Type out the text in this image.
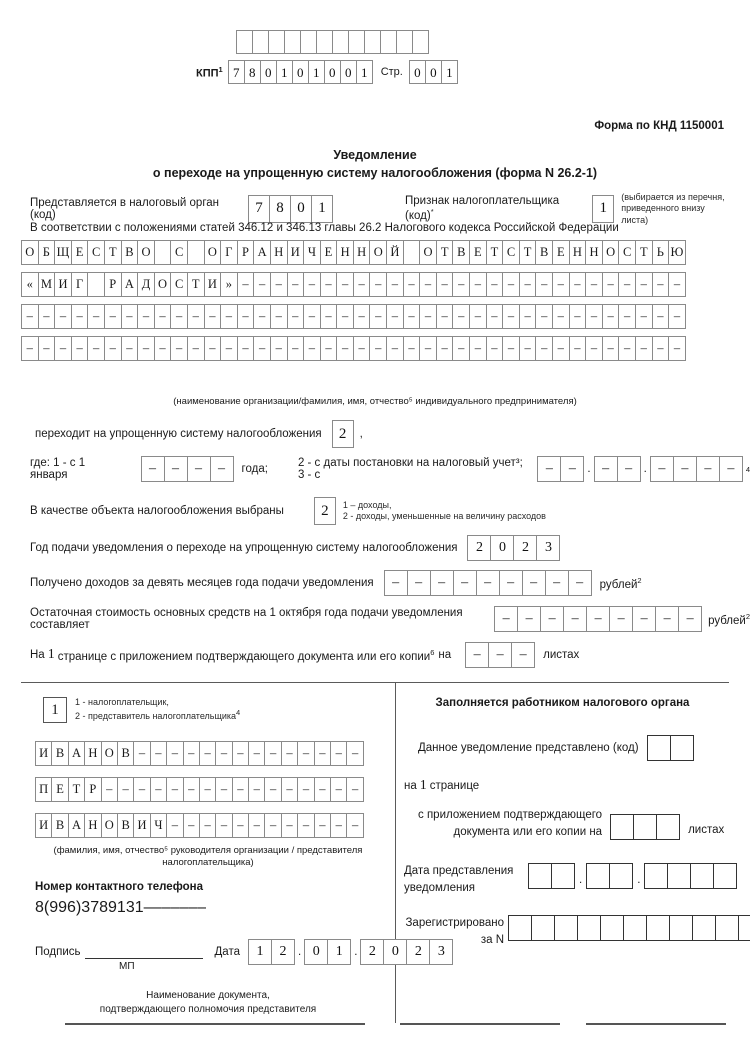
КПП$^1$ 7 8 0 1 0 1 0 0 1	Стр. 0 0 1
Форма по КНД 1150001
Уведомление
о переходе на упрощенную систему налогообложения (форма N 26.2-1)
Представляется в налоговый орган (код)	7 8 0 1	Признак налогоплательщика (код)*	1
(выбирается из перечня,
приведенного внизу листа)
В соответствии с положениями статей 346.12 и 346.13 главы 26.2 Налогового кодекса Российской Федерации
О Б Щ Е С Т В О	С	О Г Р А Н И Ч Е Н Н О Й	О Т В Е Т С Т В Е Н Н О С Т Ь Ю
« М И Г	Р А Д О С Т И » – – – – – – – – – – – – – – – – – – – – – – – – – – –
– – – – – – – – – – – – – – – – – – – – – – – – – – – – – – – – – – – – – – – –
– – – – – – – – – – – – – – – – – – – – – – – – – – – – – – – – – – – – – – – –
(наименование организации/фамилия, имя, отчество⁵ индивидуального предпринимателя)
переходит на упрощенную систему налогообложения	2	,
где: 1 - с 1 января	–	–	–	–	года;	2 - с даты постановки на налоговый учет³; 3 - с	–	–	. –	–	. –	–	–	–	4
В качестве объекта налогообложения выбраны	2	1 – доходы,
2 - доходы, уменьшенные на величину расходов
Год подачи уведомления о переходе на упрощенную систему налогообложения	2	0	2	3
Получено доходов за девять месяцев года подачи уведомления	–	–	–	–	–	–	–	–	–	рублей$^2$
Остаточная стоимость основных средств на 1 октября года подачи уведомления составляет	–	–	–	–	–	–	–	–	–	рублей$^2$
На 1 странице с приложением подтверждающего документа или его копии$^6$ на	–	–	–	листах
1	1 - налогоплательщик,
2 - представитель налогоплательщика$^4$
И В А Н О В – – – – – – – – – – – – – –
П Е Т Р – – – – – – – – – – – – – – – –
И В А Н О В И Ч – – – – – – – – – – – –
(фамилия, имя, отчество⁵ руководителя организации / представителя
налогоплательщика)
Номер контактного телефона
8 ( 9 9 6 ) 3 7 8 9 1 3 1 – – – – – – –
Подпись	Дата	1	2	. 0	1	. 2	0	2	3
МП
Наименование документа,
подтверждающего полномочия представителя
Заполняется работником налогового органа
Данное уведомление представлено (код)
на 1 странице
с приложением подтверждающего
документа или его копии на	листах
Дата представления
уведомления
.	.
Зарегистрировано
за N
